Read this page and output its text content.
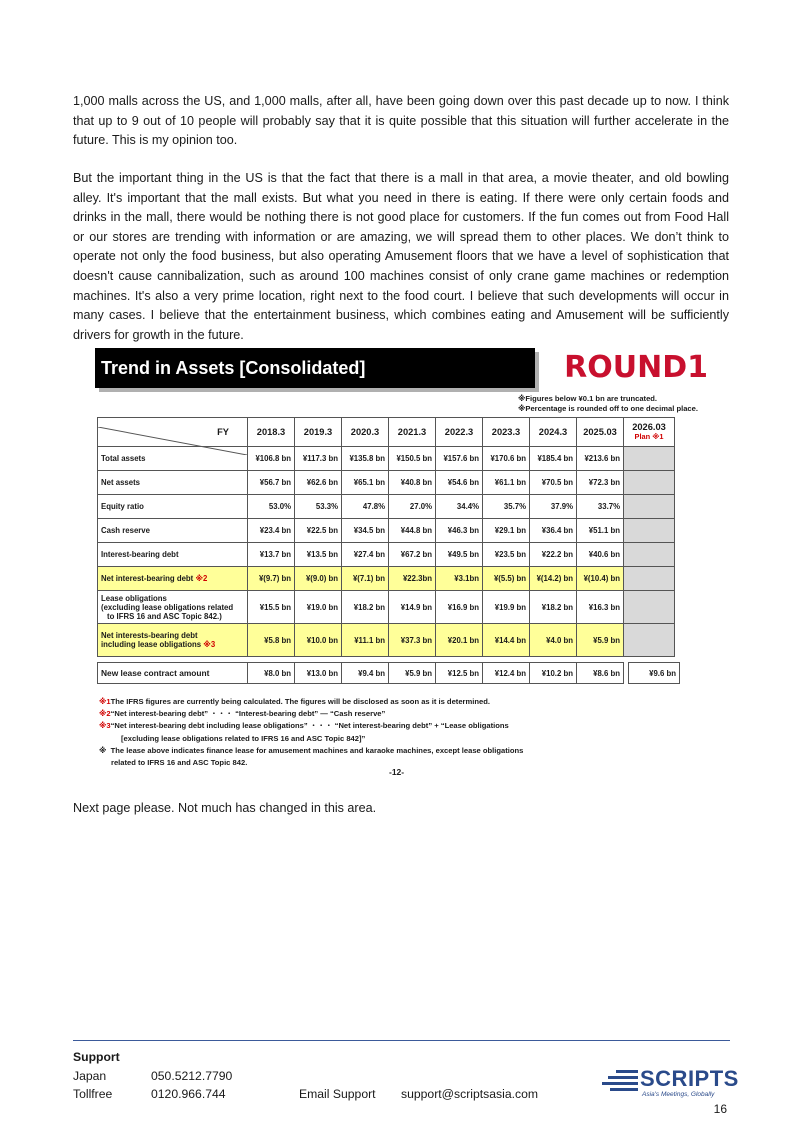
1,000 malls across the US, and 1,000 malls, after all, have been going down over this past decade up to now. I think that up to 9 out of 10 people will probably say that it is quite possible that this situation will further accelerate in the future. This is my opinion too.

But the important thing in the US is that the fact that there is a mall in that area, a movie theater, and old bowling alley. It's important that the mall exists. But what you need in there is eating. If there were only certain foods and drinks in the mall, there would be nothing there is not good place for customers. If the fun comes out from Food Hall or our stores are trending with information or are amazing, we will spread them to other places. We don’t think to operate not only the food business, but also operating Amusement floors that we have a level of sophistication that doesn't cause cannibalization, such as around 100 machines consist of only crane game machines or redemption machines. It's also a very prime location, right next to the food court. I believe that such developments will occur in many cases. I believe that the entertainment business, which combines eating and Amusement will be sufficiently drivers for growth in the future.

Trend in Assets [Consolidated]	ROUND1
※Figures below ¥0.1 bn are truncated.
※Percentage is rounded off to one decimal place.
FY	2018.3	2019.3	2020.3	2021.3	2022.3	2023.3	2024.3	2025.03	2026.03
Plan ※1

Total assets	¥106.8 bn	¥117.3 bn	¥135.8 bn	¥150.5 bn	¥157.6 bn	¥170.6 bn	¥185.4 bn	¥213.6 bn	

Net assets	¥56.7 bn	¥62.6 bn	¥65.1 bn	¥40.8 bn	¥54.6 bn	¥61.1 bn	¥70.5 bn	¥72.3 bn	

Equity ratio	53.0%	53.3%	47.8%	27.0%	34.4%	35.7%	37.9%	33.7%	

Cash reserve	¥23.4 bn	¥22.5 bn	¥34.5 bn	¥44.8 bn	¥46.3 bn	¥29.1 bn	¥36.4 bn	¥51.1 bn	

Interest-bearing debt	¥13.7 bn	¥13.5 bn	¥27.4 bn	¥67.2 bn	¥49.5 bn	¥23.5 bn	¥22.2 bn	¥40.6 bn	

Net interest-bearing debt ※2	¥(9.7) bn	¥(9.0) bn	¥(7.1) bn	¥22.3bn	¥3.1bn	¥(5.5) bn	¥(14.2) bn	¥(10.4) bn	

Lease obligations
(excluding lease obligations related
to IFRS 16 and ASC Topic 842.)	¥15.5 bn	¥19.0 bn	¥18.2 bn	¥14.9 bn	¥16.9 bn	¥19.9 bn	¥18.2 bn	¥16.3 bn	

Net interests-bearing debt
including lease obligations ※3	¥5.8 bn	¥10.0 bn	¥11.1 bn	¥37.3 bn	¥20.1 bn	¥14.4 bn	¥4.0 bn	¥5.9 bn	
New lease contract amount	¥8.0 bn	¥13.0 bn	¥9.4 bn	¥5.9 bn	¥12.5 bn	¥12.4 bn	¥10.2 bn	¥8.6 bn		¥9.6 bn
※1The IFRS figures are currently being calculated. The figures will be disclosed as soon as it is determined.
※2“Net interest-bearing debt” ・・・ “Interest-bearing debt” ― “Cash reserve”
※3“Net interest-bearing debt including lease obligations” ・・・ “Net interest-bearing debt” + “Lease obligations
[excluding lease obligations related to IFRS 16 and ASC Topic 842]”
※ The lease above indicates finance lease for amusement machines and karaoke machines, except lease obligations
related to IFRS 16 and ASC Topic 842.
-12-

Next page please. Not much has changed in this area.

Support
Japan	050.5212.7790
Tollfree	0120.966.744	Email Support support@scriptsasia.com
SCRIPTS
Asia's Meetings, Globally
16
